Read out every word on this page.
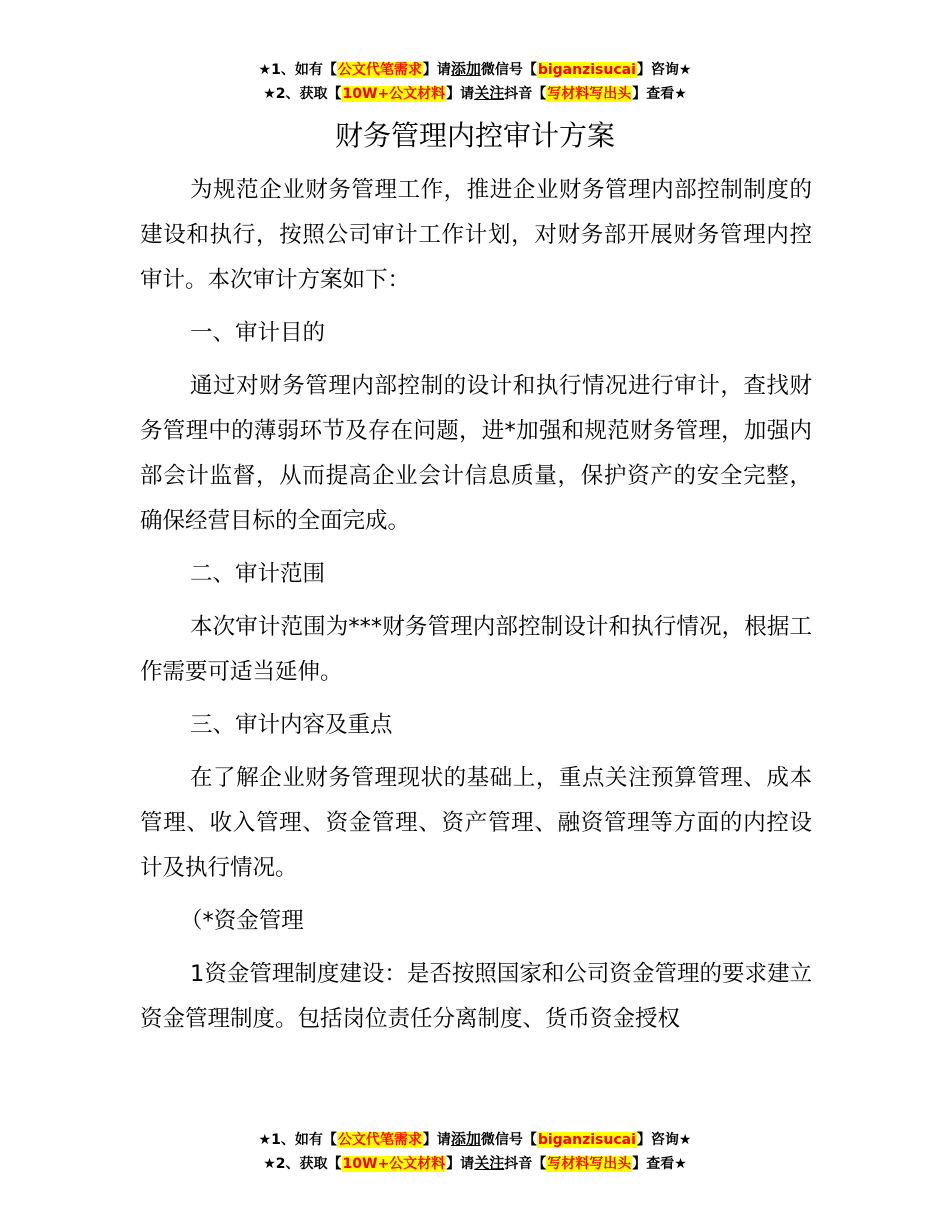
★1、如有【公文代笔需求】请添加微信号【biganzisucai】咨询★
★2、获取【10W+公文材料】请关注抖音【写材料写出头】查看★
财务管理内控审计方案

为规范企业财务管理工作，推进企业财务管理内部控制制度的建设和执行，按照公司审计工作计划，对财务部开展财务管理内控审计。本次审计方案如下：

一、审计目的

通过对财务管理内部控制的设计和执行情况进行审计，查找财务管理中的薄弱环节及存在问题，进*加强和规范财务管理，加强内部会计监督，从而提高企业会计信息质量，保护资产的安全完整，确保经营目标的全面完成。

二、审计范围

本次审计范围为***财务管理内部控制设计和执行情况，根据工作需要可适当延伸。

三、审计内容及重点

在了解企业财务管理现状的基础上，重点关注预算管理、成本管理、收入管理、资金管理、资产管理、融资管理等方面的内控设计及执行情况。

（*资金管理

1资金管理制度建设：是否按照国家和公司资金管理的要求建立资金管理制度。包括岗位责任分离制度、货币资金授权

★1、如有【公文代笔需求】请添加微信号【biganzisucai】咨询★
★2、获取【10W+公文材料】请关注抖音【写材料写出头】查看★
